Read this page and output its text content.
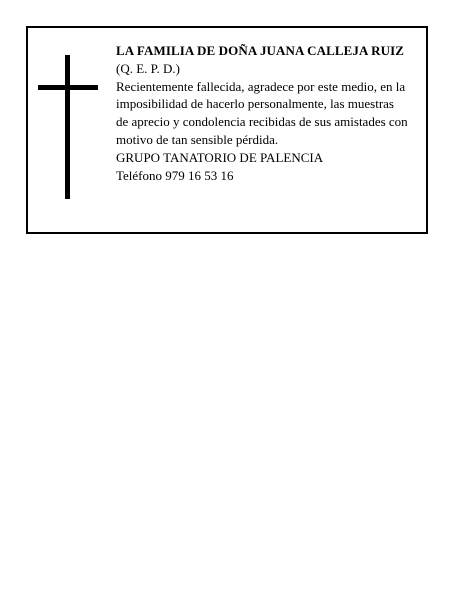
LA FAMILIA DE DOÑA JUANA CALLEJA RUIZ
(Q. E. P. D.)
Recientemente fallecida, agradece por este medio, en la
imposibilidad de hacerlo personalmente, las muestras
de aprecio y condolencia recibidas de sus amistades con
motivo de tan sensible pérdida.
GRUPO TANATORIO DE PALENCIA
Teléfono 979 16 53 16
